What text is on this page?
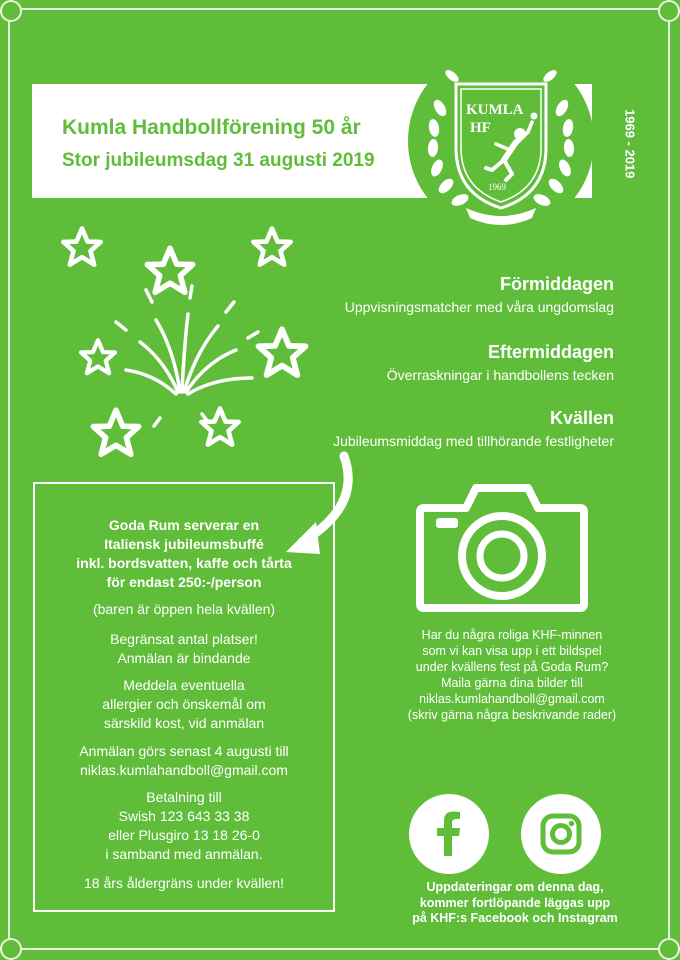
Kumla Handbollförening 50 år
Stor jubileumsdag 31 augusti 2019
KUMLA
HF
1969
1969 - 2019
Förmiddagen
Uppvisningsmatcher med våra ungdomslag
Eftermiddagen
Överraskningar i handbollens tecken
Kvällen
Jubileumsmiddag med tillhörande festligheter
Goda Rum serverar en
Italiensk jubileumsbuffé
inkl. bordsvatten, kaffe och tårta
för endast 250:-/person
(baren är öppen hela kvällen)
Begränsat antal platser!
Anmälan är bindande
Meddela eventuella
allergier och önskemål om
särskild kost, vid anmälan
Anmälan görs senast 4 augusti till
niklas.kumlahandboll@gmail.com
Betalning till
Swish 123 643 33 38
eller Plusgiro 13 18 26-0
i samband med anmälan.
18 års åldergräns under kvällen!
Har du några roliga KHF-minnen
som vi kan visa upp i ett bildspel
under kvällens fest på Goda Rum?
Maila gärna dina bilder till
niklas.kumlahandboll@gmail.com
(skriv gärna några beskrivande rader)
Uppdateringar om denna dag,
kommer fortlöpande läggas upp
på KHF:s Facebook och Instagram
